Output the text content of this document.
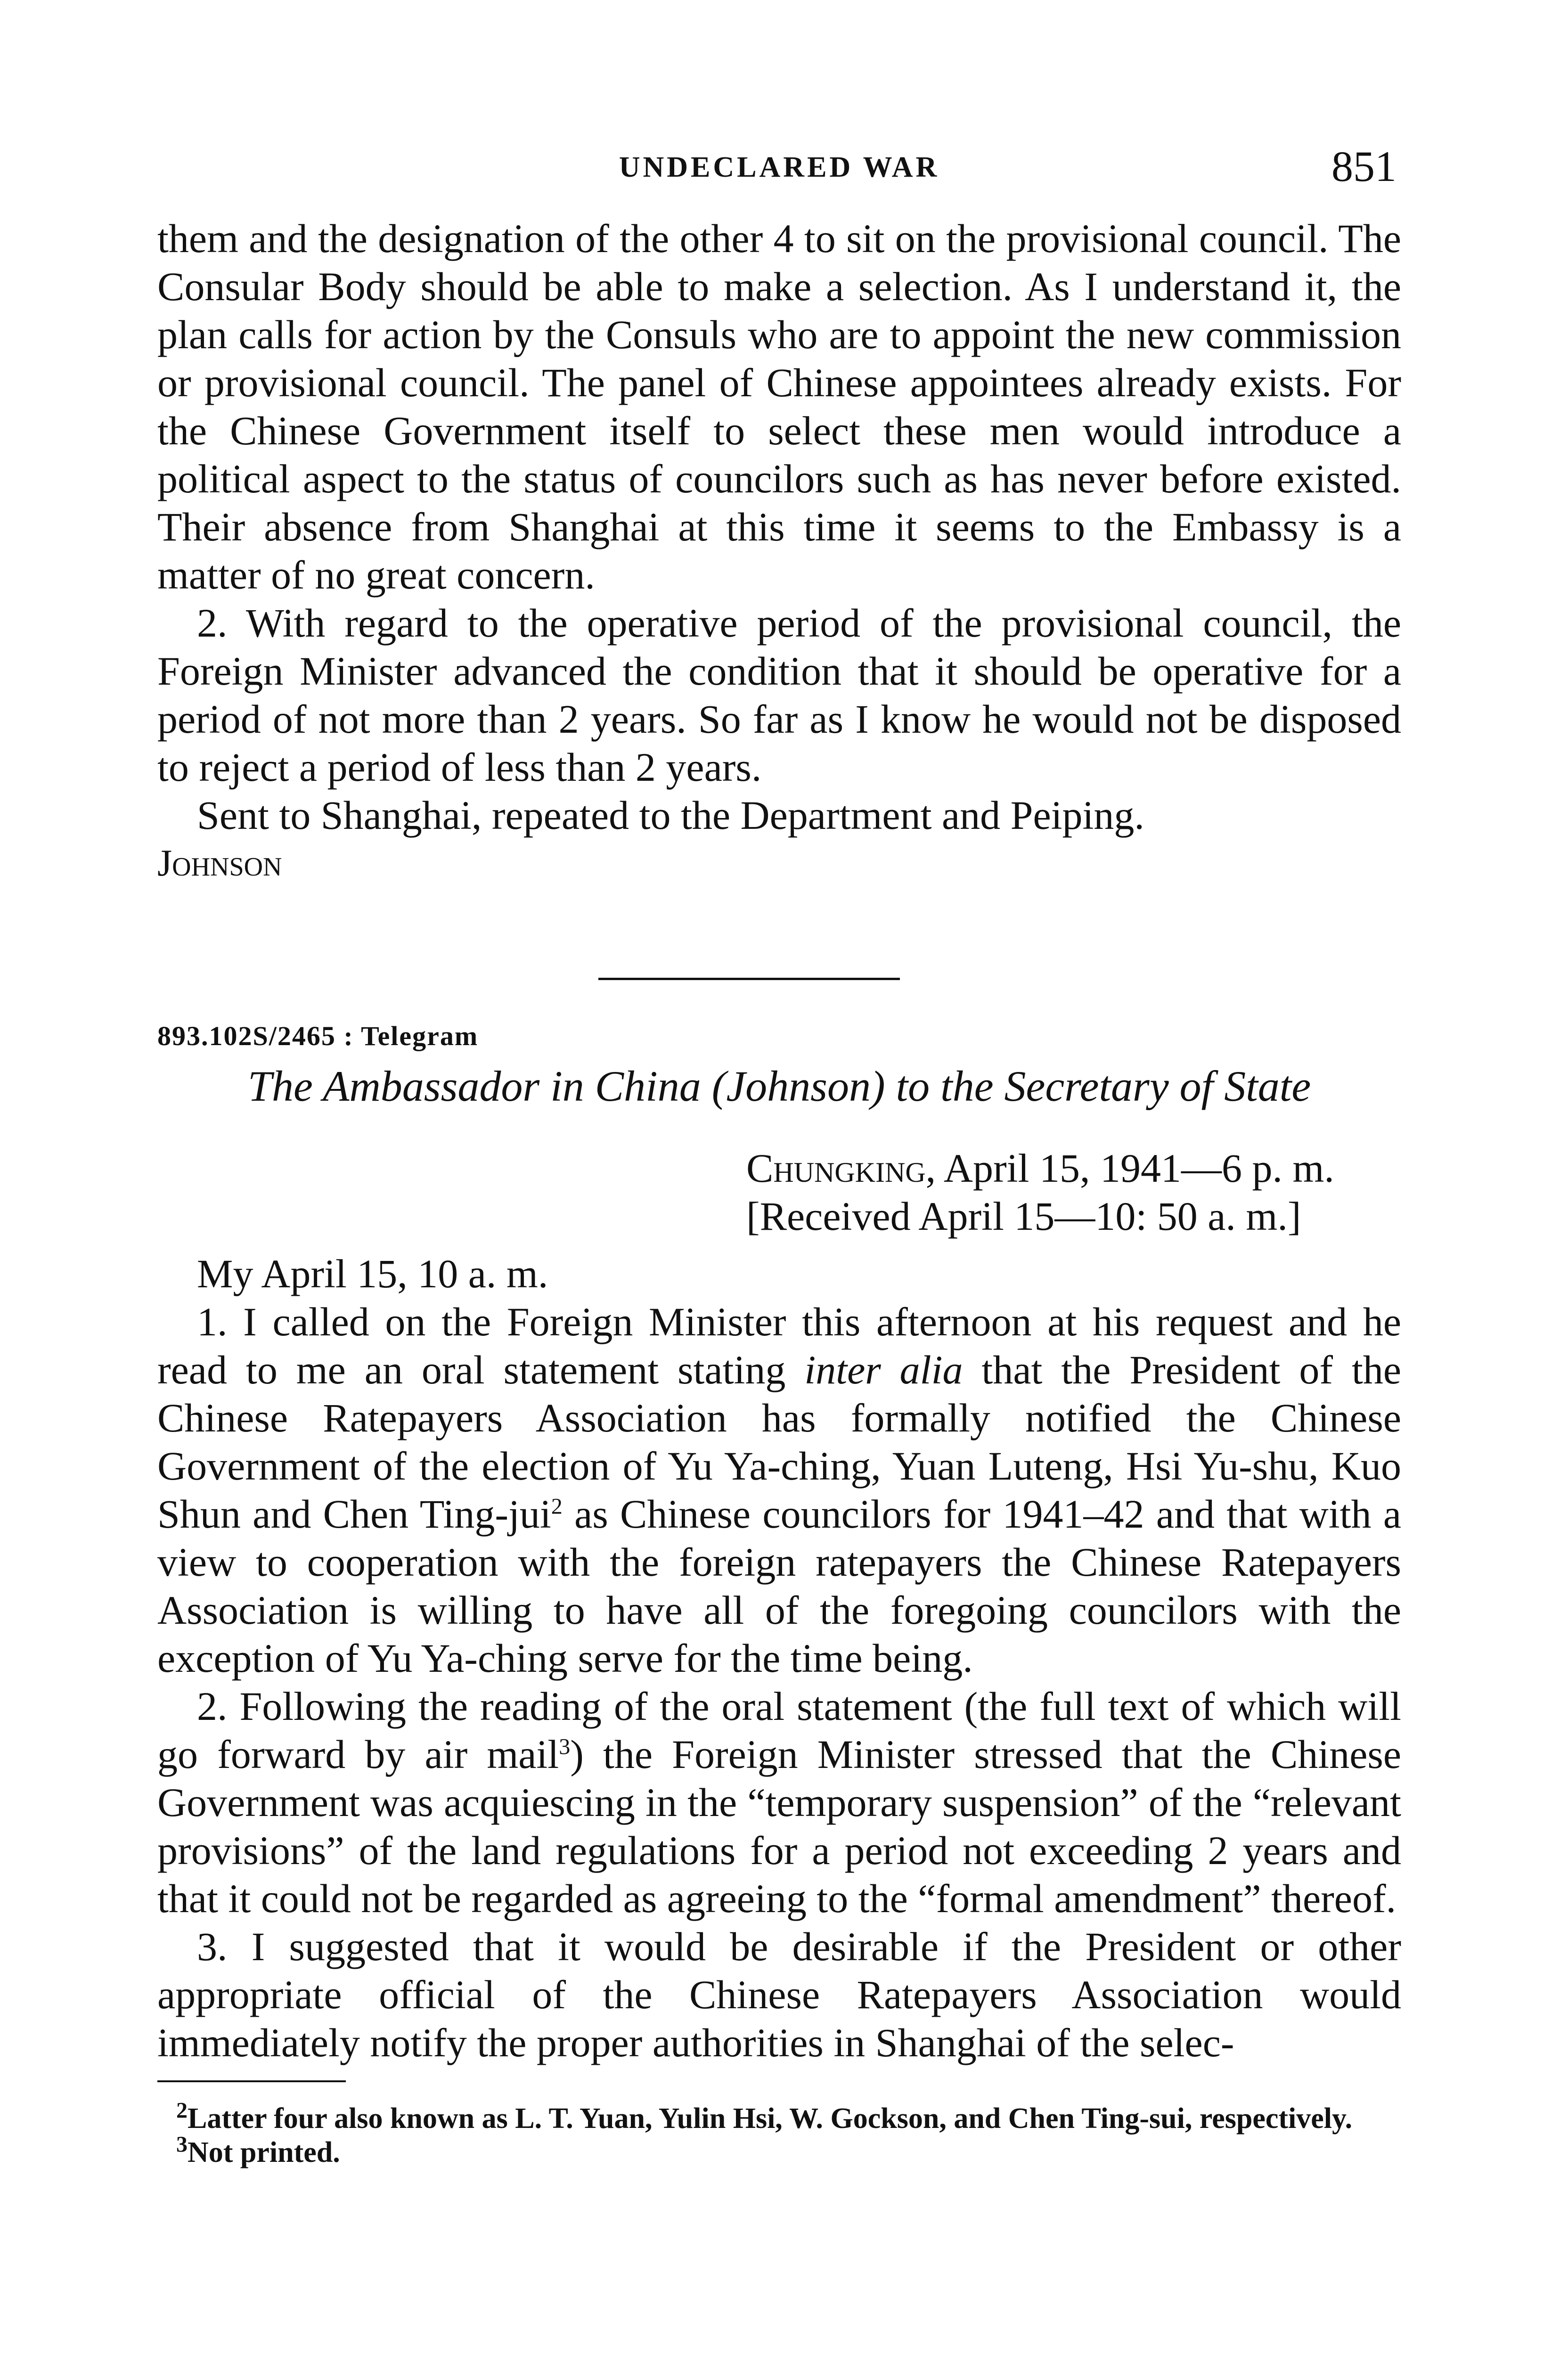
UNDECLARED WAR	851

them and the designation of the other 4 to sit on the provisional council. The Consular Body should be able to make a selection. As I understand it, the plan calls for action by the Consuls who are to appoint the new commission or provisional council. The panel of Chinese appointees already exists. For the Chinese Government itself to select these men would introduce a political aspect to the status of councilors such as has never before existed. Their absence from Shanghai at this time it seems to the Embassy is a matter of no great concern.

2. With regard to the operative period of the provisional council, the Foreign Minister advanced the condition that it should be operative for a period of not more than 2 years. So far as I know he would not be disposed to reject a period of less than 2 years.

Sent to Shanghai, repeated to the Department and Peiping.

Johnson

893.102S/2465 : Telegram

The Ambassador in China (Johnson) to the Secretary of State

Chungking, April 15, 1941—6 p. m.

[Received April 15—10: 50 a. m.]

My April 15, 10 a. m.

1. I called on the Foreign Minister this afternoon at his request and he read to me an oral statement stating inter alia that the President of the Chinese Ratepayers Association has formally notified the Chinese Government of the election of Yu Ya-ching, Yuan Luteng, Hsi Yu-shu, Kuo Shun and Chen Ting-jui$^2$ as Chinese councilors for 1941–42 and that with a view to cooperation with the foreign ratepayers the Chinese Ratepayers Association is willing to have all of the foregoing councilors with the exception of Yu Ya-ching serve for the time being.

2. Following the reading of the oral statement (the full text of which will go forward by air mail$^3$) the Foreign Minister stressed that the Chinese Government was acquiescing in the “temporary suspension” of the “relevant provisions” of the land regulations for a period not exceeding 2 years and that it could not be regarded as agreeing to the “formal amendment” thereof.

3. I suggested that it would be desirable if the President or other appropriate official of the Chinese Ratepayers Association would immediately notify the proper authorities in Shanghai of the selec-

$^2$Latter four also known as L. T. Yuan, Yulin Hsi, W. Gockson, and Chen Ting-sui, respectively.

$^3$Not printed.
